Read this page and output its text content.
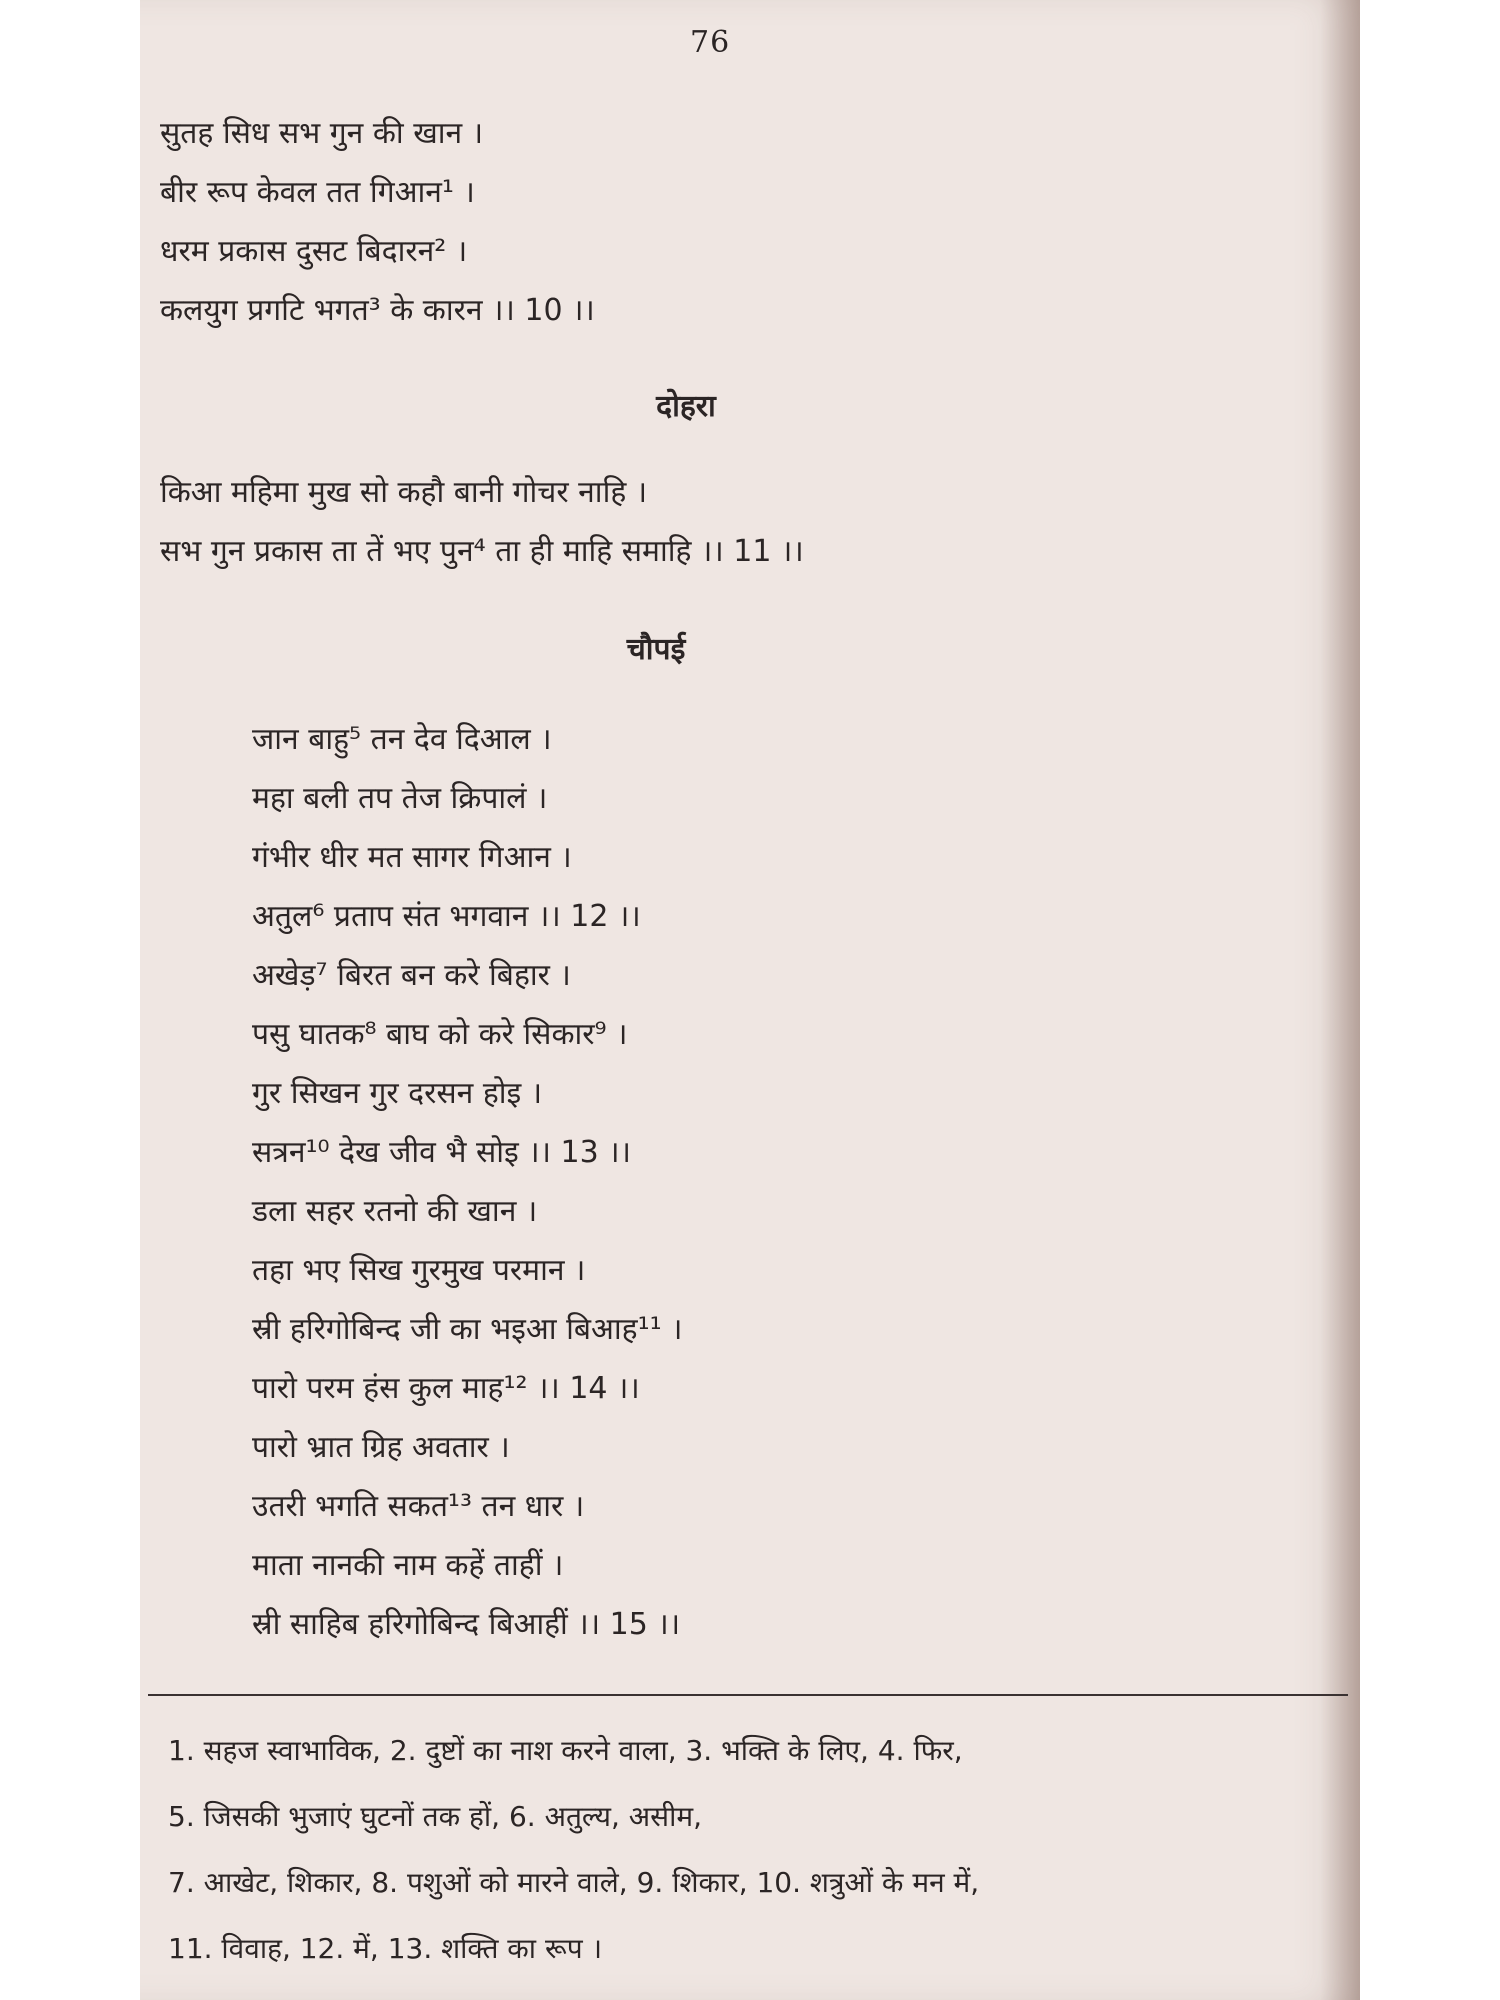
76
सुतह सिध सभ गुन की खान ।
बीर रूप केवल तत गिआन¹ ।
धरम प्रकास दुसट बिदारन² ।
कलयुग प्रगटि भगत³ के कारन ।। 10 ।।
दोहरा
किआ महिमा मुख सो कहौ बानी गोचर नाहि ।
सभ गुन प्रकास ता तें भए पुन⁴ ता ही माहि समाहि ।। 11 ।।
चौपई
जान बाहु⁵ तन देव दिआल ।
महा बली तप तेज क्रिपालं ।
गंभीर धीर मत सागर गिआन ।
अतुल⁶ प्रताप संत भगवान ।। 12 ।।
अखेड़⁷ बिरत बन करे बिहार ।
पसु घातक⁸ बाघ को करे सिकार⁹ ।
गुर सिखन गुर दरसन होइ ।
सत्रन¹⁰ देख जीव भै सोइ ।। 13 ।।
डला सहर रतनो की खान ।
तहा भए सिख गुरमुख परमान ।
स्री हरिगोबिन्द जी का भइआ बिआह¹¹ ।
पारो परम हंस कुल माह¹² ।। 14 ।।
पारो भ्रात ग्रिह अवतार ।
उतरी भगति सकत¹³ तन धार ।
माता नानकी नाम कहें ताहीं ।
स्री साहिब हरिगोबिन्द बिआहीं ।। 15 ।।
1. सहज स्वाभाविक, 2. दुष्टों का नाश करने वाला, 3. भक्ति के लिए, 4. फिर,
5. जिसकी भुजाएं घुटनों तक हों, 6. अतुल्य, असीम,
7. आखेट, शिकार, 8. पशुओं को मारने वाले, 9. शिकार, 10. शत्रुओं के मन में,
11. विवाह, 12. में, 13. शक्ति का रूप ।
